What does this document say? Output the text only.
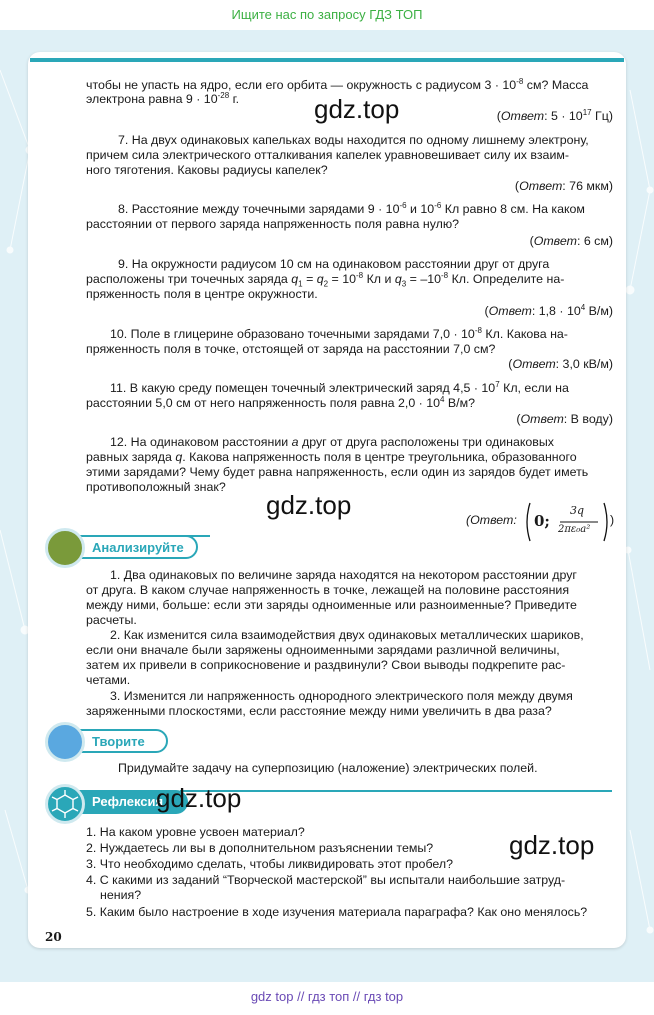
Ищите нас по запросу ГДЗ ТОП
чтобы не упасть на ядро, если его орбита — окружность с радиусом $3 \cdot 10^{-8}$ см? Масса
электрона равна $9 \cdot 10^{-28}$ г.
(Ответ: $5 \cdot 10^{17}$ Гц)
7. На двух одинаковых капельках воды находится по одному лишнему электрону,
причем сила электрического отталкивания капелек уравновешивает силу их взаим-
ного тяготения. Каковы радиусы капелек?
(Ответ: 76 мкм)
8. Расстояние между точечными зарядами $9 \cdot 10^{-6}$ и $10^{-6}$ Кл равно 8 см. На каком
расстоянии от первого заряда напряженность поля равна нулю?
(Ответ: 6 см)
9. На окружности радиусом 10 см на одинаковом расстоянии друг от друга
расположены три точечных заряда $q_1 = q_2 = 10^{-8}$ Кл и $q_3 = -10^{-8}$ Кл. Определите на-
пряженность поля в центре окружности.
(Ответ: $1,8 \cdot 10^4$ В/м)
10. Поле в глицерине образовано точечными зарядами $7,0 \cdot 10^{-8}$ Кл. Какова на-
пряженность поля в точке, отстоящей от заряда на расстоянии 7,0 см?
(Ответ: 3,0 кВ/м)
11. В какую среду помещен точечный электрический заряд $4,5 \cdot 10^7$ Кл, если на
расстоянии 5,0 см от него напряженность поля равна $2,0 \cdot 10^4$ В/м?
(Ответ: В воду)
12. На одинаковом расстоянии a друг от друга расположены три одинаковых
равных заряда q. Какова напряженность поля в центре треугольника, образованного
этими зарядами? Чему будет равна напряженность, если один из зарядов будет иметь
противоположный знак?
(Ответ: 0;
3q
2πε₀a²
)
Анализируйте
1. Два одинаковых по величине заряда находятся на некотором расстоянии друг
от друга. В каком случае напряженность в точке, лежащей на половине расстояния
между ними, больше: если эти заряды одноименные или разноименные? Приведите
расчеты.
2. Как изменится сила взаимодействия двух одинаковых металлических шариков,
если они вначале были заряжены одноименными зарядами различной величины,
затем их привели в соприкосновение и раздвинули? Свои выводы подкрепите рас-
четами.
3. Изменится ли напряженность однородного электрического поля между двумя
заряженными плоскостями, если расстояние между ними увеличить в два раза?
Творите
Придумайте задачу на суперпозицию (наложение) электрических полей.
Рефлексия
1. На каком уровне усвоен материал?
2. Нуждаетесь ли вы в дополнительном разъяснении темы?
3. Что необходимо сделать, чтобы ликвидировать этот пробел?
4. С какими из заданий “Творческой мастерской” вы испытали наибольшие затруд-
нения?
5. Каким было настроение в ходе изучения материала параграфа? Как оно менялось?
gdz.top
gdz.top
gdz.top
gdz.top
20
gdz top // гдз топ // гдз top
